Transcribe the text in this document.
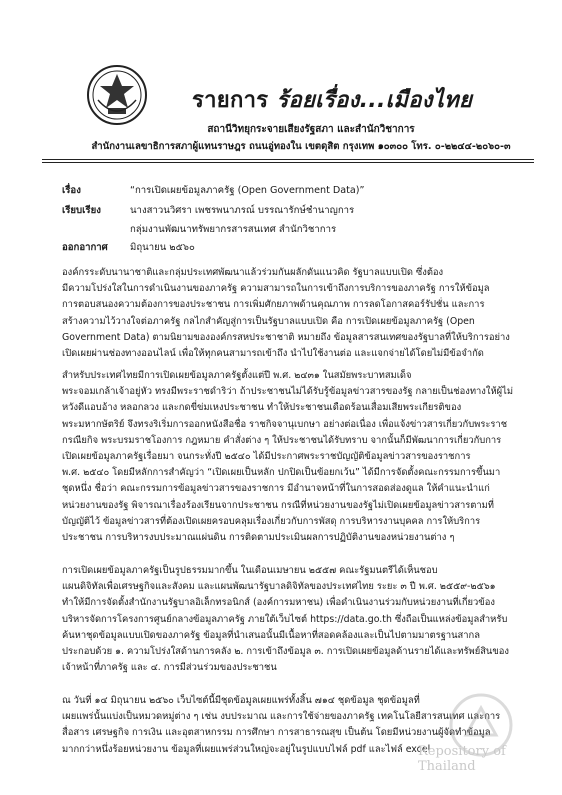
รายการ ร้อยเรื่อง...เมืองไทย
สถานีวิทยุกระจายเสียงรัฐสภา และสำนักวิชาการ
สำนักงานเลขาธิการสภาผู้แทนราษฎร ถนนอู่ทองใน เขตดุสิต กรุงเทพ ๑๐๓๐๐ โทร. ๐-๒๒๔๔-๒๐๖๐-๓
เรื่อง	“การเปิดเผยข้อมูลภาครัฐ (Open Government Data)”
เรียบเรียง	นางสาวนวิศรา เพชรพนาภรณ์ บรรณารักษ์ชำนาญการ
กลุ่มงานพัฒนาทรัพยากรสารสนเทศ สำนักวิชาการ
ออกอากาศ	มิถุนายน ๒๕๖๐

องค์กรระดับนานาชาติและกลุ่มประเทศพัฒนาแล้วร่วมกันผลักดันแนวคิด รัฐบาลแบบเปิด ซึ่งต้อง

มีความโปร่งใสในการดำเนินงานของภาครัฐ ความสามารถในการเข้าถึงการบริการของภาครัฐ การให้ข้อมูล

การตอบสนองความต้องการของประชาชน การเพิ่มศักยภาพด้านคุณภาพ การลดโอกาสคอร์รัปชั่น และการ

สร้างความไว้วางใจต่อภาครัฐ กลไกสำคัญสู่การเป็นรัฐบาลแบบเปิด คือ การเปิดเผยข้อมูลภาครัฐ (Open

Government Data) ตามนิยามขององค์กรสหประชาชาติ หมายถึง ข้อมูลสารสนเทศของรัฐบาลที่ให้บริการอย่าง

เปิดเผยผ่านช่องทางออนไลน์ เพื่อให้ทุกคนสามารถเข้าถึง นำไปใช้งานต่อ และแจกจ่ายได้โดยไม่มีข้อจำกัด

สำหรับประเทศไทยมีการเปิดเผยข้อมูลภาครัฐตั้งแต่ปี พ.ศ. ๒๔๓๑ ในสมัยพระบาทสมเด็จ

พระจอมเกล้าเจ้าอยู่หัว ทรงมีพระราชดำริว่า ถ้าประชาชนไม่ได้รับรู้ข้อมูลข่าวสารของรัฐ กลายเป็นช่องทางให้ผู้ไม่

หวังดีแอบอ้าง หลอกลวง และกดขี่ข่มเหงประชาชน ทำให้ประชาชนเดือดร้อนเสื่อมเสียพระเกียรติของ

พระมหากษัตริย์ จึงทรงริเริ่มการออกหนังสือชื่อ ราชกิจจานุเบกษา อย่างต่อเนื่อง เพื่อแจ้งข่าวสารเกี่ยวกับพระราช

กรณียกิจ พระบรมราชโองการ กฎหมาย คำสั่งต่าง ๆ ให้ประชาชนได้รับทราบ จากนั้นก็มีพัฒนาการเกี่ยวกับการ

เปิดเผยข้อมูลภาครัฐเรื่อยมา จนกระทั่งปี ๒๕๔๐ ได้มีประกาศพระราชบัญญัติข้อมูลข่าวสารของราชการ

พ.ศ. ๒๕๔๐ โดยมีหลักการสำคัญว่า “เปิดเผยเป็นหลัก ปกปิดเป็นข้อยกเว้น” ได้มีการจัดตั้งคณะกรรมการขึ้นมา

ชุดหนึ่ง ชื่อว่า คณะกรรมการข้อมูลข่าวสารของราชการ มีอำนาจหน้าที่ในการสอดส่องดูแล ให้คำแนะนำแก่

หน่วยงานของรัฐ พิจารณาเรื่องร้องเรียนจากประชาชน กรณีที่หน่วยงานของรัฐไม่เปิดเผยข้อมูลข่าวสารตามที่

บัญญัติไว้ ข้อมูลข่าวสารที่ต้องเปิดเผยครอบคลุมเรื่องเกี่ยวกับการพัสดุ การบริหารงานบุคคล การให้บริการ

ประชาชน การบริหารงบประมาณแผ่นดิน การติดตามประเมินผลการปฏิบัติงานของหน่วยงานต่าง ๆ

การเปิดเผยข้อมูลภาครัฐเป็นรูปธรรมมากขึ้น ในเดือนเมษายน ๒๕๕๗ คณะรัฐมนตรีได้เห็นชอบ

แผนดิจิทัลเพื่อเศรษฐกิจและสังคม และแผนพัฒนารัฐบาลดิจิทัลของประเทศไทย ระยะ ๓ ปี พ.ศ. ๒๕๕๙-๒๕๖๑

ทำให้มีการจัดตั้งสำนักงานรัฐบาลอิเล็กทรอนิกส์ (องค์การมหาชน) เพื่อดำเนินงานร่วมกับหน่วยงานที่เกี่ยวข้อง

บริหารจัดการโครงการศูนย์กลางข้อมูลภาครัฐ ภายใต้เว็บไซต์ https://data.go.th ซึ่งถือเป็นแหล่งข้อมูลสำหรับ

ค้นหาชุดข้อมูลแบบเปิดของภาครัฐ ข้อมูลที่นำเสนอนั้นมีเนื้อหาที่สอดคล้องและเป็นไปตามมาตรฐานสากล

ประกอบด้วย ๑. ความโปร่งใสด้านการคลัง ๒. การเข้าถึงข้อมูล ๓. การเปิดเผยข้อมูลด้านรายได้และทรัพย์สินของ

เจ้าหน้าที่ภาครัฐ และ ๔. การมีส่วนร่วมของประชาชน

ณ วันที่ ๑๔ มิถุนายน ๒๕๖๐ เว็บไซต์นี้มีชุดข้อมูลเผยแพร่ทั้งสิ้น ๗๑๔ ชุดข้อมูล ชุดข้อมูลที่

เผยแพร่นั้นแบ่งเป็นหมวดหมู่ต่าง ๆ เช่น งบประมาณ และการใช้จ่ายของภาครัฐ เทคโนโลยีสารสนเทศ และการ

สื่อสาร เศรษฐกิจ การเงิน และอุตสาหกรรม การศึกษา การสาธารณสุข เป็นต้น โดยมีหน่วยงานผู้จัดทำข้อมูล

มากกว่าหนึ่งร้อยหน่วยงาน ข้อมูลที่เผยแพร่ส่วนใหญ่จะอยู่ในรูปแบบไฟล์ pdf และไฟล์ excel

Repository of Thailand
